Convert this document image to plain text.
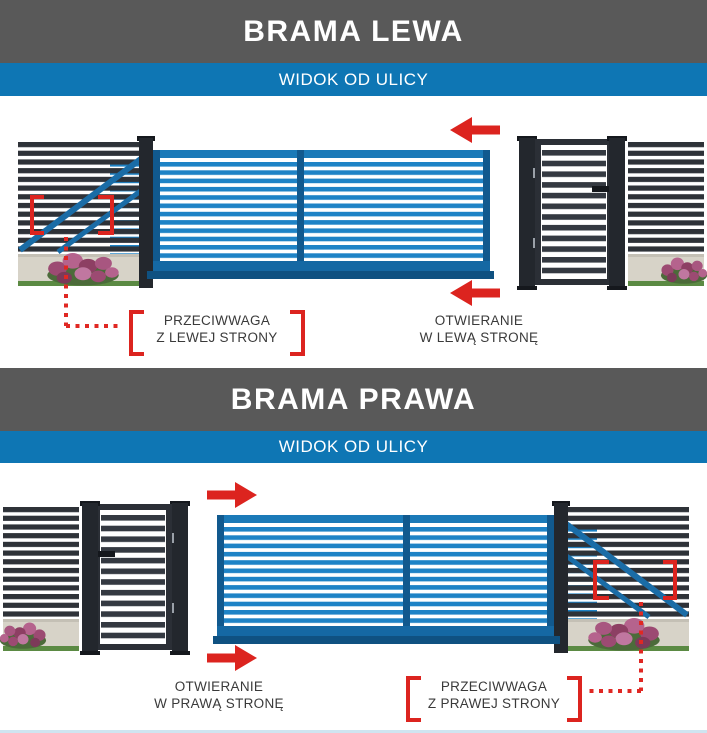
BRAMA LEWA
WIDOK OD ULICY
PRZECIWWAGA
Z LEWEJ STRONY
OTWIERANIE
W LEWĄ STRONĘ
BRAMA PRAWA
WIDOK OD ULICY
OTWIERANIE
W PRAWĄ STRONĘ
PRZECIWWAGA
Z PRAWEJ STRONY
